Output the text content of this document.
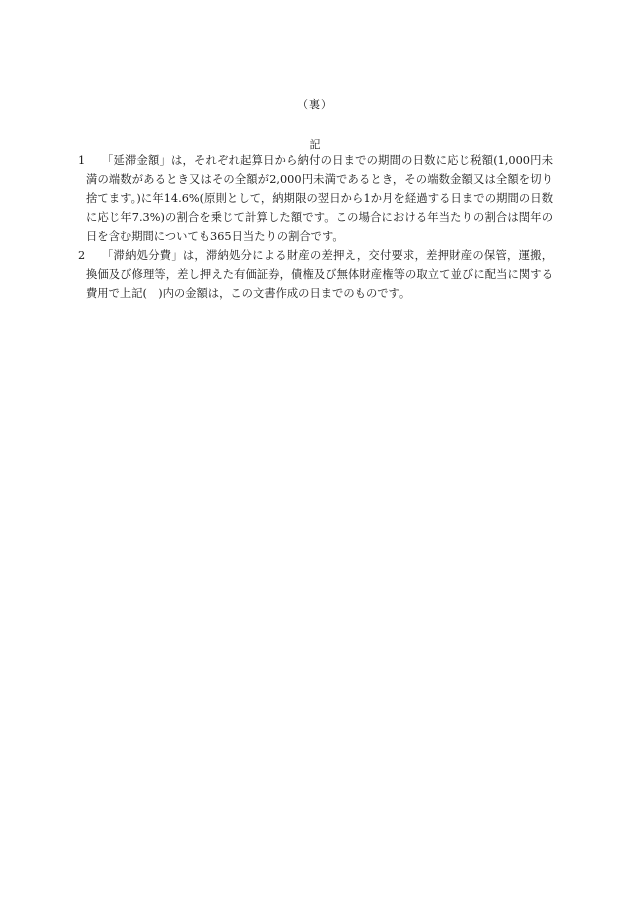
（裏）
記
1	「延滞金額」は，それぞれ起算日から納付の日までの期間の日数に応じ税額(1,000円未満の端数があるとき又はその全額が2,000円未満であるとき，その端数金額又は全額を切り捨てます。)に年14.6%(原則として，納期限の翌日から1か月を経過する日までの期間の日数に応じ年7.3%)の割合を乗じて計算した額です。この場合における年当たりの割合は閏年の日を含む期間についても365日当たりの割合です。
2	「滞納処分費」は，滞納処分による財産の差押え，交付要求，差押財産の保管，運搬，換価及び修理等，差し押えた有価証券，債権及び無体財産権等の取立て並びに配当に関する費用で上記(　)内の金額は，この文書作成の日までのものです。
